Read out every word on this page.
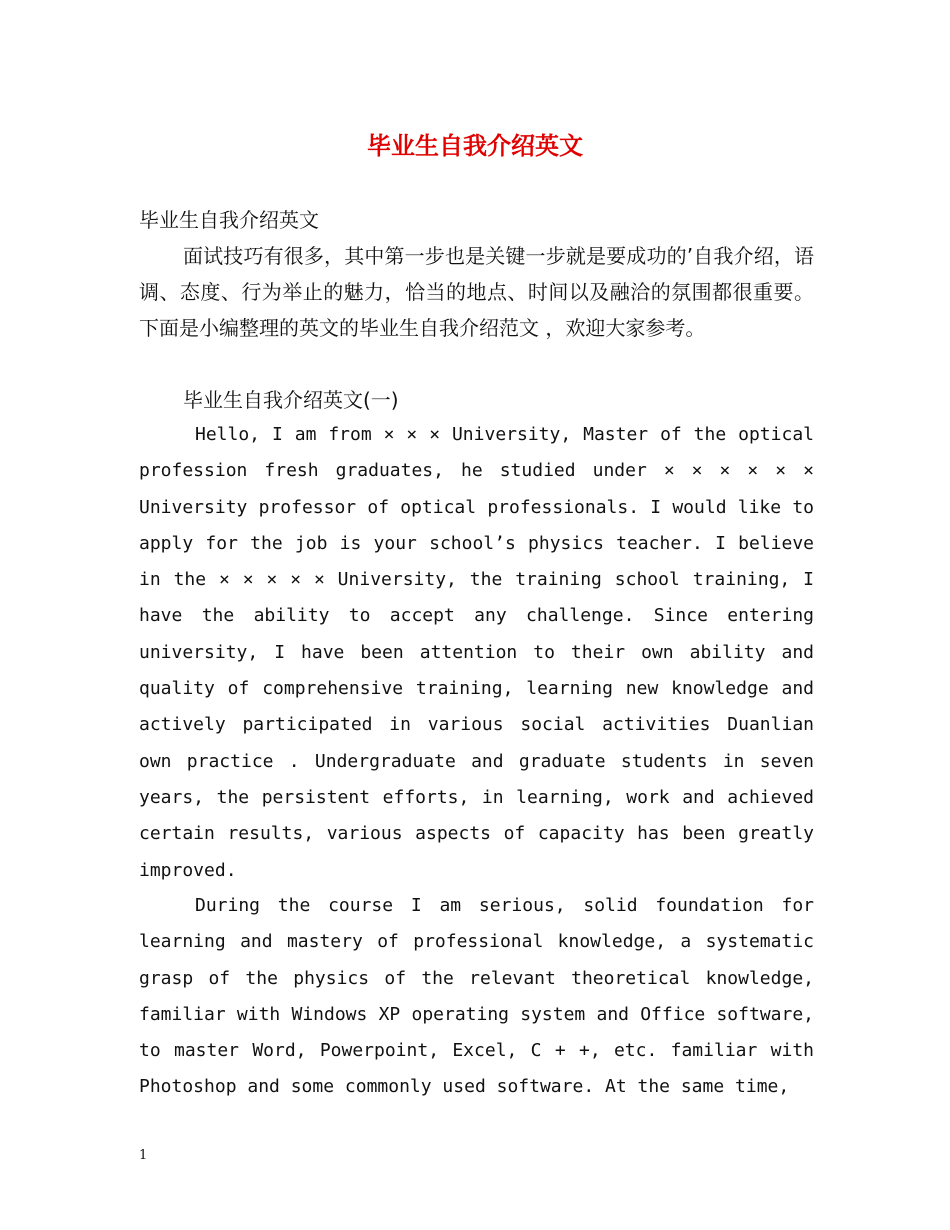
毕业生自我介绍英文
毕业生自我介绍英文
面试技巧有很多，其中第一步也是关键一步就是要成功的’自我介绍，语调、态度、行为举止的魅力，恰当的地点、时间以及融洽的氛围都很重要。下面是小编整理的英文的毕业生自我介绍范文 ，欢迎大家参考。
毕业生自我介绍英文(一)
Hello, I am from × × × University, Master of the optical profession fresh graduates, he studied under × × × × × × University professor of optical professionals. I would like to apply for the job is your school’s physics teacher. I believe in the × × × × × University, the training school training, I have the ability to accept any challenge. Since entering university, I have been attention to their own ability and quality of comprehensive training, learning new knowledge and actively participated in various social activities Duanlian own practice . Undergraduate and graduate students in seven years, the persistent efforts, in learning, work and achieved certain results, various aspects of capacity has been greatly improved.
During the course I am serious, solid foundation for learning and mastery of professional knowledge, a systematic grasp of the physics of the relevant theoretical knowledge, familiar with Windows XP operating system and Office software, to master Word, Powerpoint, Excel, C + +, etc. familiar with Photoshop and some commonly used software. At the same time,
1
